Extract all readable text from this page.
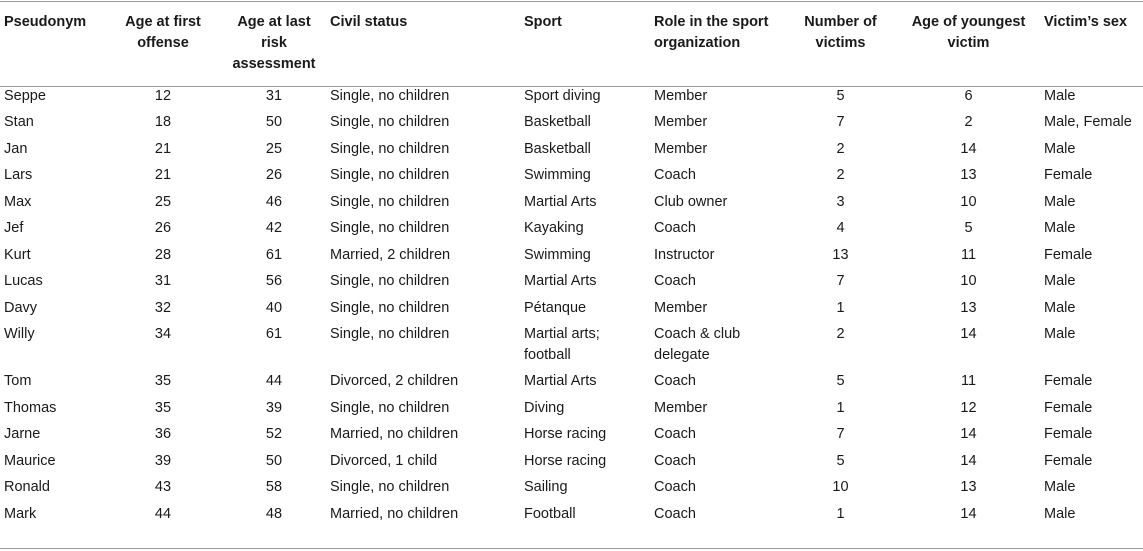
Pseudonym	Age at first offense	Age at last risk assessment	Civil status	Sport	Role in the sport organization	Number of victims	Age of youngest victim	Victim’s sex
Seppe	12	31	Single, no children	Sport diving	Member	5	6	Male
Stan	18	50	Single, no children	Basketball	Member	7	2	Male, Female
Jan	21	25	Single, no children	Basketball	Member	2	14	Male
Lars	21	26	Single, no children	Swimming	Coach	2	13	Female
Max	25	46	Single, no children	Martial Arts	Club owner	3	10	Male
Jef	26	42	Single, no children	Kayaking	Coach	4	5	Male
Kurt	28	61	Married, 2 children	Swimming	Instructor	13	11	Female
Lucas	31	56	Single, no children	Martial Arts	Coach	7	10	Male
Davy	32	40	Single, no children	Pétanque	Member	1	13	Male
Willy	34	61	Single, no children	Martial arts; football	Coach & club delegate	2	14	Male
Tom	35	44	Divorced, 2 children	Martial Arts	Coach	5	11	Female
Thomas	35	39	Single, no children	Diving	Member	1	12	Female
Jarne	36	52	Married, no children	Horse racing	Coach	7	14	Female
Maurice	39	50	Divorced, 1 child	Horse racing	Coach	5	14	Female
Ronald	43	58	Single, no children	Sailing	Coach	10	13	Male
Mark	44	48	Married, no children	Football	Coach	1	14	Male
